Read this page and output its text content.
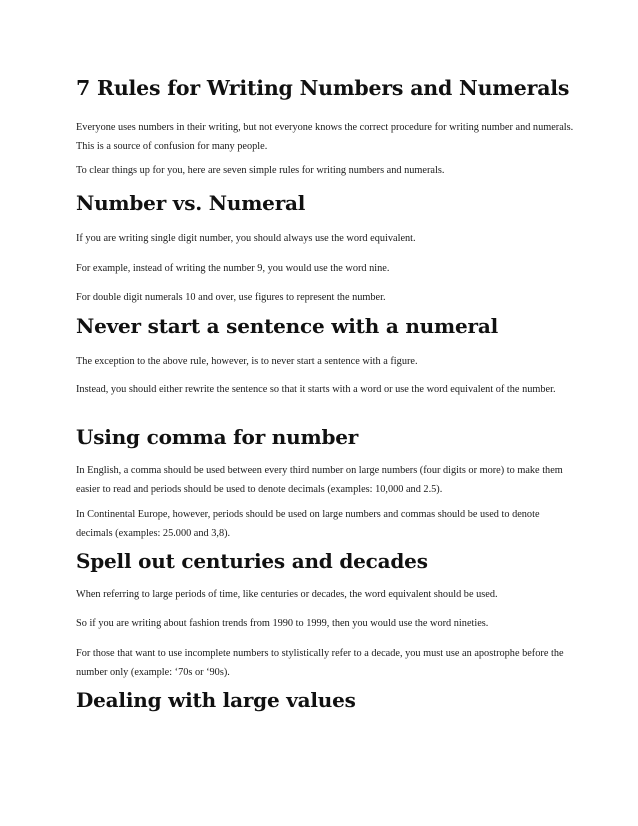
7 Rules for Writing Numbers and Numerals

Everyone uses numbers in their writing, but not everyone knows the correct procedure for writing number and numerals. This is a source of confusion for many people.

To clear things up for you, here are seven simple rules for writing numbers and numerals.

Number vs. Numeral

If you are writing single digit number, you should always use the word equivalent.

For example, instead of writing the number 9, you would use the word nine.

For double digit numerals 10 and over, use figures to represent the number.

Never start a sentence with a numeral

The exception to the above rule, however, is to never start a sentence with a figure.

Instead, you should either rewrite the sentence so that it starts with a word or use the word equivalent of the number.

Using comma for number

In English, a comma should be used between every third number on large numbers (four digits or more) to make them easier to read and periods should be used to denote decimals (examples: 10,000 and 2.5).

In Continental Europe, however, periods should be used on large numbers and commas should be used to denote decimals (examples: 25.000 and 3,8).

Spell out centuries and decades

When referring to large periods of time, like centuries or decades, the word equivalent should be used.

So if you are writing about fashion trends from 1990 to 1999, then you would use the word nineties.

For those that want to use incomplete numbers to stylistically refer to a decade, you must use an apostrophe before the number only (example: ‘70s or ‘90s).

Dealing with large values
